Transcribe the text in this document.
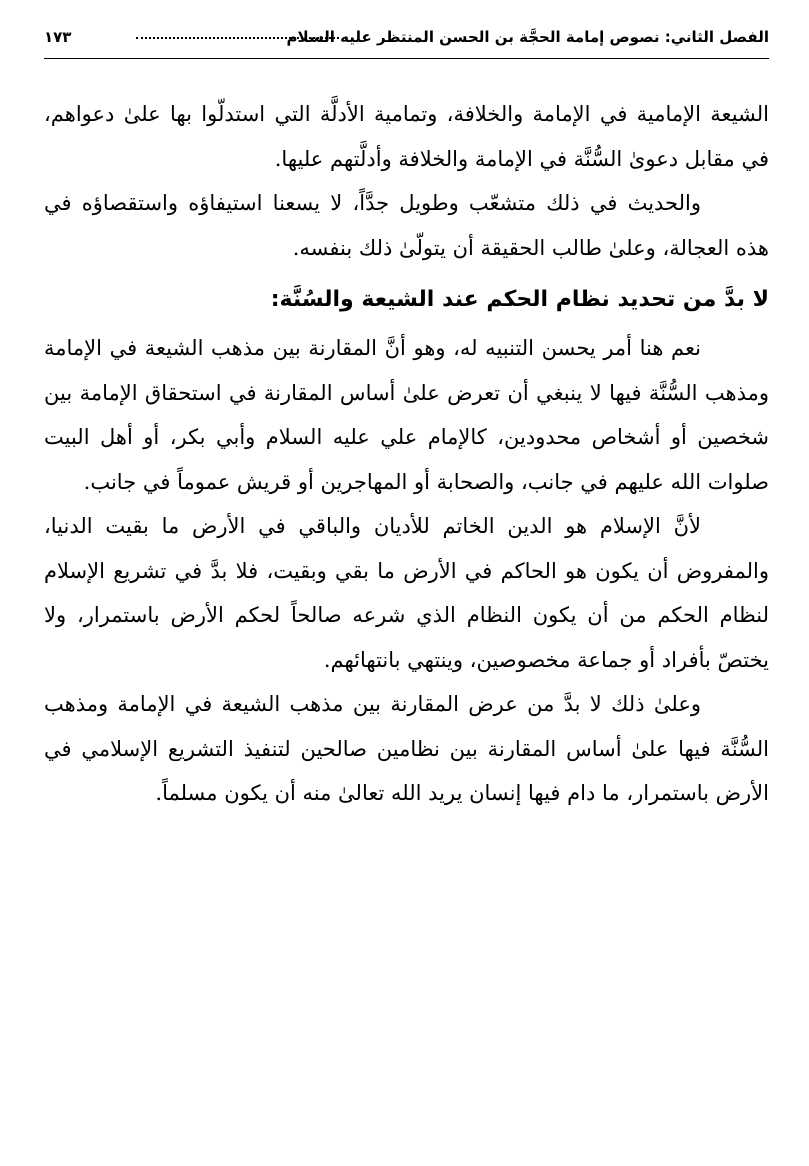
الفصل الثاني: نصوص إمامة الحجَّة بن الحسن المنتظر عليه السلام
١٧٣

الشيعة الإمامية في الإمامة والخلافة، وتمامية الأدلَّة التي استدلّوا بها علىٰ دعواهم، في مقابل دعوىٰ السُّنَّة في الإمامة والخلافة وأدلَّتهم عليها.

والحديث في ذلك متشعّب وطويل جدَّاً، لا يسعنا استيفاؤه واستقصاؤه في هذه العجالة، وعلىٰ طالب الحقيقة أن يتولّىٰ ذلك بنفسه.

لا بدَّ من تحديد نظام الحكم عند الشيعة والسُنَّة:

نعم هنا أمر يحسن التنبيه له، وهو أنَّ المقارنة بين مذهب الشيعة في الإمامة ومذهب السُّنَّة فيها لا ينبغي أن تعرض علىٰ أساس المقارنة في استحقاق الإمامة بين شخصين أو أشخاص محدودين، كالإمام علي عليه السلام وأبي بكر، أو أهل البيت صلوات الله عليهم في جانب، والصحابة أو المهاجرين أو قريش عموماً في جانب.

لأنَّ الإسلام هو الدين الخاتم للأديان والباقي في الأرض ما بقيت الدنيا، والمفروض أن يكون هو الحاكم في الأرض ما بقي وبقيت، فلا بدَّ في تشريع الإسلام لنظام الحكم من أن يكون النظام الذي شرعه صالحاً لحكم الأرض باستمرار، ولا يختصّ بأفراد أو جماعة مخصوصين، وينتهي بانتهائهم.

وعلىٰ ذلك لا بدَّ من عرض المقارنة بين مذهب الشيعة في الإمامة ومذهب السُّنَّة فيها علىٰ أساس المقارنة بين نظامين صالحين لتنفيذ التشريع الإسلامي في الأرض باستمرار، ما دام فيها إنسان يريد الله تعالىٰ منه أن يكون مسلماً.
